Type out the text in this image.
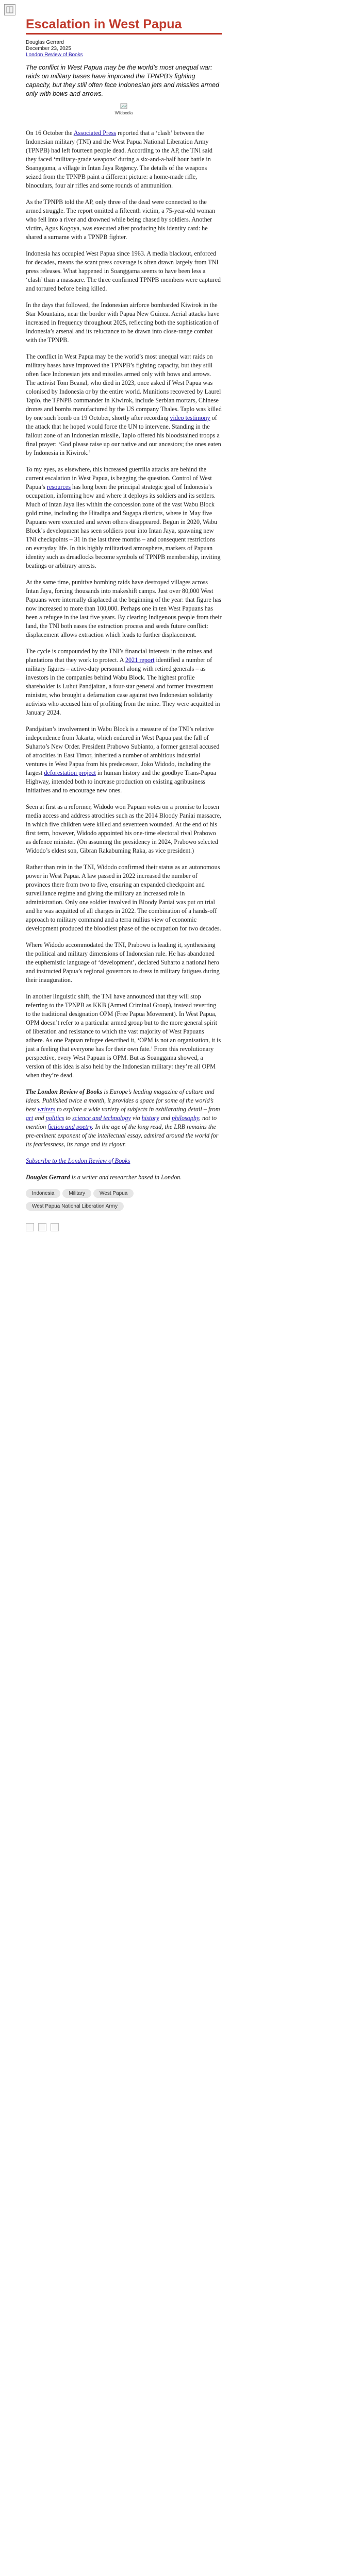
Escalation in West Papua
Douglas Gerrard
December 23, 2025
London Review of Books

The conflict in West Papua may be the world’s most unequal war: raids on military bases have improved the TPNPB’s fighting capacity, but they still often face Indonesian jets and missiles armed only with bows and arrows.

Wikipedia

On 16 October the Associated Press reported that a ‘clash’ between the Indonesian military (TNI) and the West Papua National Liberation Army (TPNPB) had left fourteen people dead. According to the AP, the TNI said they faced ‘military-grade weapons’ during a six-and-a-half hour battle in Soanggama, a village in Intan Jaya Regency. The details of the weapons seized from the TPNPB paint a different picture: a home-made rifle, binoculars, four air rifles and some rounds of ammunition.

As the TPNPB told the AP, only three of the dead were connected to the armed struggle. The report omitted a fifteenth victim, a 75-year-old woman who fell into a river and drowned while being chased by soldiers. Another victim, Agus Kogoya, was executed after producing his identity card: he shared a surname with a TPNPB fighter.

Indonesia has occupied West Papua since 1963. A media blackout, enforced for decades, means the scant press coverage is often drawn largely from TNI press releases. What happened in Soanggama seems to have been less a ‘clash’ than a massacre. The three confirmed TPNPB members were captured and tortured before being killed.

In the days that followed, the Indonesian airforce bombarded Kiwirok in the Star Mountains, near the border with Papua New Guinea. Aerial attacks have increased in frequency throughout 2025, reflecting both the sophistication of Indonesia’s arsenal and its reluctance to be drawn into close-range combat with the TPNPB.

The conflict in West Papua may be the world’s most unequal war: raids on military bases have improved the TPNPB’s fighting capacity, but they still often face Indonesian jets and missiles armed only with bows and arrows. The activist Tom Beanal, who died in 2023, once asked if West Papua was colonised by Indonesia or by the entire world. Munitions recovered by Laurel Taplo, the TPNPB commander in Kiwirok, include Serbian mortars, Chinese drones and bombs manufactured by the US company Thales. Taplo was killed by one such bomb on 19 October, shortly after recording video testimony of the attack that he hoped would force the UN to intervene. Standing in the fallout zone of an Indonesian missile, Taplo offered his bloodstained troops a final prayer: ‘God please raise up our native and our ancestors; the ones eaten by Indonesia in Kiwirok.’

To my eyes, as elsewhere, this increased guerrilla attacks are behind the current escalation in West Papua, is begging the question. Control of West Papua’s resources has long been the principal strategic goal of Indonesia’s occupation, informing how and where it deploys its soldiers and its settlers. Much of Intan Jaya lies within the concession zone of the vast Wabu Block gold mine, including the Hitadipa and Sugapa districts, where in May five Papuans were executed and seven others disappeared. Begun in 2020, Wabu Block’s development has seen soldiers pour into Intan Jaya, spawning new TNI checkpoints – 31 in the last three months – and consequent restrictions on everyday life. In this highly militarised atmosphere, markers of Papuan identity such as dreadlocks become symbols of TPNPB membership, inviting beatings or arbitrary arrests.

At the same time, punitive bombing raids have destroyed villages across Intan Jaya, forcing thousands into makeshift camps. Just over 80,000 West Papuans were internally displaced at the beginning of the year: that figure has now increased to more than 100,000. Perhaps one in ten West Papuans has been a refugee in the last five years. By clearing Indigenous people from their land, the TNI both eases the extraction process and seeds future conflict: displacement allows extraction which leads to further displacement.

The cycle is compounded by the TNI’s financial interests in the mines and plantations that they work to protect. A 2021 report identified a number of military figures – active-duty personnel along with retired generals – as investors in the companies behind Wabu Block. The highest profile shareholder is Luhut Pandjaitan, a four-star general and former investment minister, who brought a defamation case against two Indonesian solidarity activists who accused him of profiting from the mine. They were acquitted in January 2024.

Pandjaitan’s involvement in Wabu Block is a measure of the TNI’s relative independence from Jakarta, which endured in West Papua past the fall of Suharto’s New Order. President Prabowo Subianto, a former general accused of atrocities in East Timor, inherited a number of ambitious industrial ventures in West Papua from his predecessor, Joko Widodo, including the largest deforestation project in human history and the goodbye Trans-Papua Highway, intended both to increase production on existing agribusiness initiatives and to encourage new ones.

Seen at first as a reformer, Widodo won Papuan votes on a promise to loosen media access and address atrocities such as the 2014 Bloody Paniai massacre, in which five children were killed and seventeen wounded. At the end of his first term, however, Widodo appointed his one-time electoral rival Prabowo as defence minister. (On assuming the presidency in 2024, Prabowo selected Widodo’s eldest son, Gibran Rakabuming Raka, as vice president.)

Rather than rein in the TNI, Widodo confirmed their status as an autonomous power in West Papua. A law passed in 2022 increased the number of provinces there from two to five, ensuring an expanded checkpoint and surveillance regime and giving the military an increased role in administration. Only one soldier involved in Bloody Paniai was put on trial and he was acquitted of all charges in 2022. The combination of a hands-off approach to military command and a terra nullius view of economic development produced the bloodiest phase of the occupation for two decades.

Where Widodo accommodated the TNI, Prabowo is leading it, synthesising the political and military dimensions of Indonesian rule. He has abandoned the euphemistic language of ‘development’, declared Suharto a national hero and instructed Papua’s regional governors to dress in military fatigues during their inauguration.

In another linguistic shift, the TNI have announced that they will stop referring to the TPNPB as KKB (Armed Criminal Group), instead reverting to the traditional designation OPM (Free Papua Movement). In West Papua, OPM doesn’t refer to a particular armed group but to the more general spirit of liberation and resistance to which the vast majority of West Papuans adhere. As one Papuan refugee described it, ‘OPM is not an organisation, it is just a feeling that everyone has for their own fate.’ From this revolutionary perspective, every West Papuan is OPM. But as Soanggama showed, a version of this idea is also held by the Indonesian military: they’re all OPM when they’re dead.

The London Review of Books is Europe’s leading magazine of culture and ideas. Published twice a month, it provides a space for some of the world’s best writers to explore a wide variety of subjects in exhilarating detail – from art and politics to science and technology via history and philosophy, not to mention fiction and poetry. In the age of the long read, the LRB remains the pre-eminent exponent of the intellectual essay, admired around the world for its fearlessness, its range and its rigour.

Subscribe to the London Review of Books

Douglas Gerrard is a writer and researcher based in London.

Indonesia	Military	West PapuaWest Papua National Liberation Army
